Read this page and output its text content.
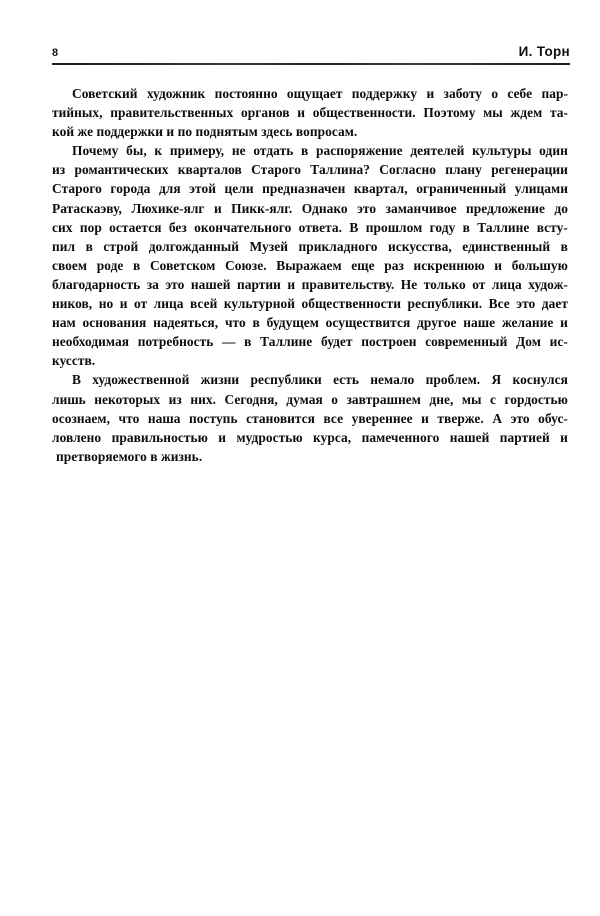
8	И. Торн

Советский художник постоянно ощущает поддержку и заботу о себе пар-
тийных, правительственных органов и общественности. Поэтому мы ждем та-
кой же поддержки и по поднятым здесь вопросам.

Почему бы, к примеру, не отдать в распоряжение деятелей культуры один
из романтических кварталов Старого Таллина? Согласно плану регенерации
Старого города для этой цели предназначен квартал, ограниченный улицами
Ратаскаэву, Люхике-ялг и Пикк-ялг. Однако это заманчивое предложение до
сих пор остается без окончательного ответа. В прошлом году в Таллине всту-
пил в строй долгожданный Музей прикладного искусства, единственный в
своем роде в Советском Союзе. Выражаем еще раз искреннюю и большую
благодарность за это нашей партии и правительству. Не только от лица худож-
ников, но и от лица всей культурной общественности республики. Все это дает
нам основания надеяться, что в будущем осуществится другое наше желание и
необходимая потребность — в Таллине будет построен современный Дом ис-
кусств.

В художественной жизни республики есть немало проблем. Я коснулся
лишь некоторых из них. Сегодня, думая о завтрашнем дне, мы с гордостью
осознаем, что наша поступь становится все увереннее и тверже. А это обус-
ловлено правильностью и мудростью курса, памеченного нашей партией и
претворяемого в жизнь.
